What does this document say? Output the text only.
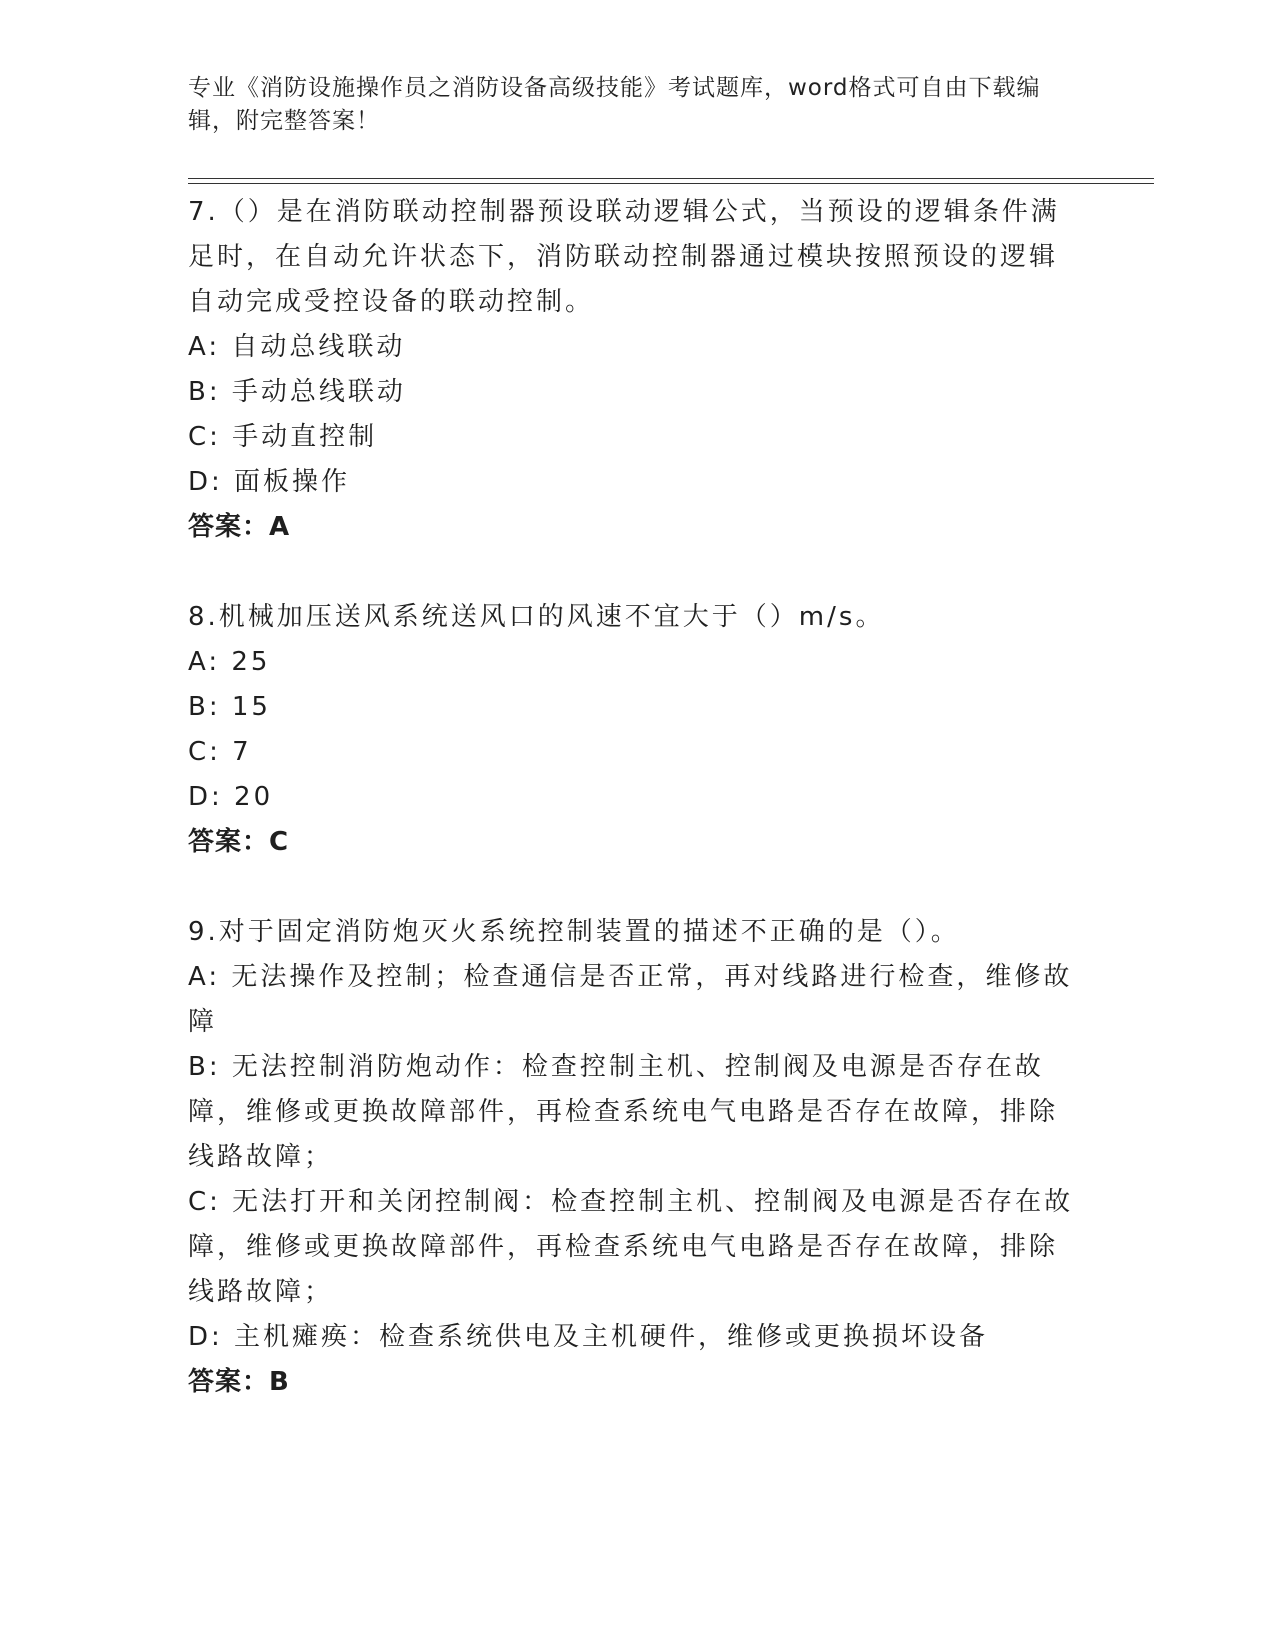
专业《消防设施操作员之消防设备高级技能》考试题库，word格式可自由下载编辑，附完整答案！

7.（）是在消防联动控制器预设联动逻辑公式，当预设的逻辑条件满足时，在自动允许状态下，消防联动控制器通过模块按照预设的逻辑自动完成受控设备的联动控制。

A: 自动总线联动

B: 手动总线联动

C: 手动直控制

D: 面板操作

答案：A

8.机械加压送风系统送风口的风速不宜大于（）m/s。

A: 25

B: 15

C: 7

D: 20

答案：C

9.对于固定消防炮灭火系统控制装置的描述不正确的是（）。

A: 无法操作及控制；检查通信是否正常，再对线路进行检查，维修故障

B: 无法控制消防炮动作：检查控制主机、控制阀及电源是否存在故障，维修或更换故障部件，再检查系统电气电路是否存在故障，排除线路故障；

C: 无法打开和关闭控制阀：检查控制主机、控制阀及电源是否存在故障，维修或更换故障部件，再检查系统电气电路是否存在故障，排除线路故障；

D: 主机瘫痪：检查系统供电及主机硬件，维修或更换损坏设备

答案：B
